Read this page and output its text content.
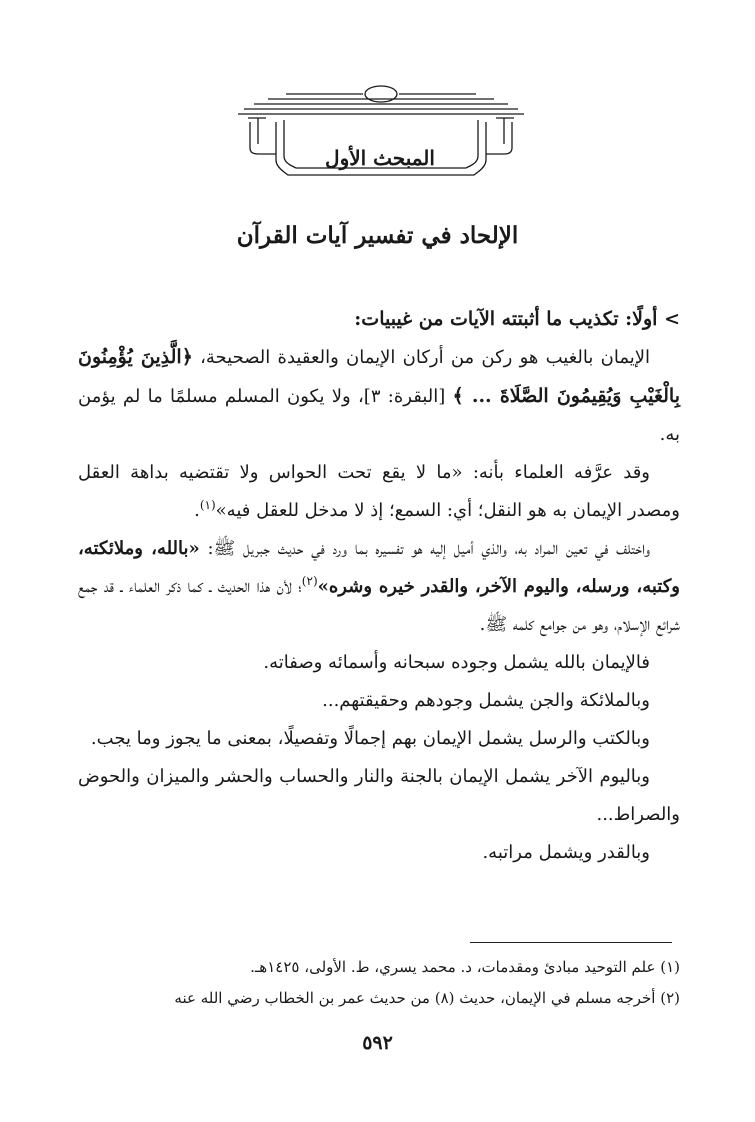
المبحث الأول
الإلحاد في تفسير آيات القرآن

> أولًا: تكذيب ما أثبتته الآيات من غيبيات:

الإيمان بالغيب هو ركن من أركان الإيمان والعقيدة الصحيحة، ﴿الَّذِينَ يُؤْمِنُونَ بِالْغَيْبِ وَيُقِيمُونَ الصَّلَاةَ ... ﴾ [البقرة: ٣]، ولا يكون المسلم مسلمًا ما لم يؤمن به.

وقد عرَّفه العلماء بأنه: «ما لا يقع تحت الحواس ولا تقتضيه بداهة العقل ومصدر الإيمان به هو النقل؛ أي: السمع؛ إذ لا مدخل للعقل فيه»$^{(١)}$.

واختلف في تعين المراد به، والذي أميل إليه هو تفسيره بما ورد في حديث جبريل ﷺ: «بالله، وملائكته، وكتبه، ورسله، واليوم الآخر، والقدر خيره وشره»$^{(٢)}$؛ لأن هذا الحديث ـ كما ذكر العلماء ـ قد جمع شرائع الإسلام، وهو من جوامع كلمه ﷺ.

فالإيمان بالله يشمل وجوده سبحانه وأسمائه وصفاته.

وبالملائكة والجن يشمل وجودهم وحقيقتهم...

وبالكتب والرسل يشمل الإيمان بهم إجمالًا وتفصيلًا، بمعنى ما يجوز وما يجب.

وباليوم الآخر يشمل الإيمان بالجنة والنار والحساب والحشر والميزان والحوض والصراط...

وبالقدر ويشمل مراتبه.

(١) علم التوحيد مبادئ ومقدمات، د. محمد يسري، ط. الأولى، ١٤٢٥هـ.

(٢) أخرجه مسلم في الإيمان، حديث (٨) من حديث عمر بن الخطاب رضي الله عنه

٥٩٢
